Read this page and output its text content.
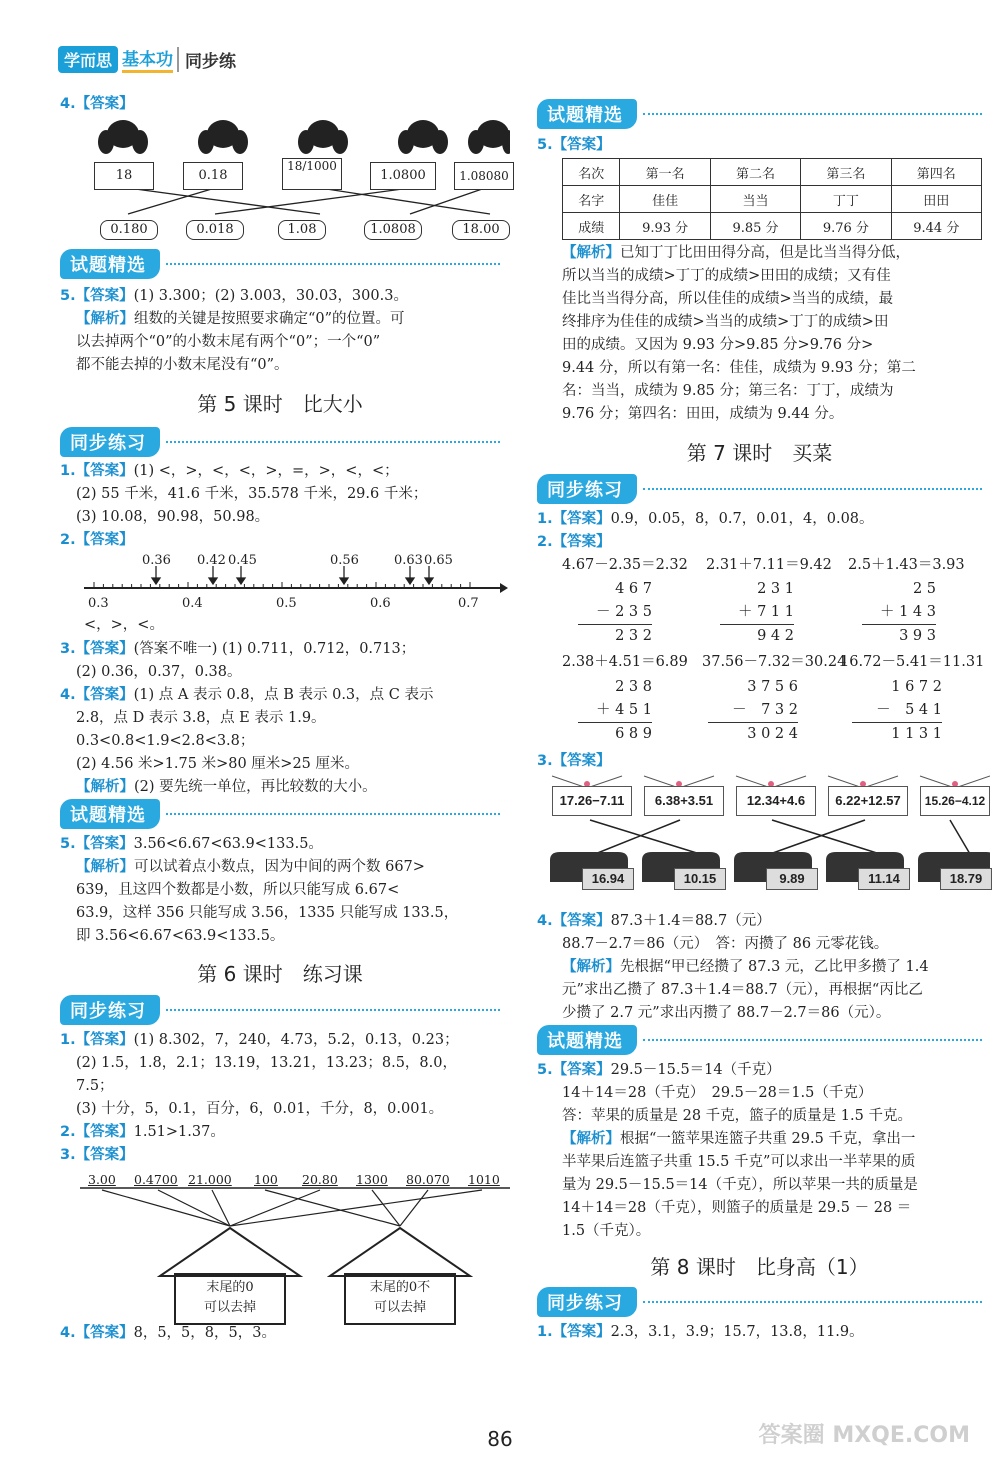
学而思 基本功 同步练
4.【答案】
18	0.18
18/1000
1.0800	1.08080
0.180	0.018	1.08	1.0808	18.00
试题精选
5.【答案】(1) 3.300；(2) 3.003，30.03，300.3。
【解析】组数的关键是按照要求确定“0”的位置。可
以去掉两个“0”的小数末尾有两个“0”；一个“0”
都不能去掉的小数末尾没有“0”。
第 5 课时　比大小
同步练习
1.【答案】(1) <，>，<，<，>，=，>，<，<；
(2) 55 千米，41.6 千米，35.578 千米，29.6 千米；
(3) 10.08，90.98，50.98。
2.【答案】
0.36 0.42 0.45	0.56	0.63 0.65
0.3	0.4	0.5	0.6	0.7
<，>，<。
3.【答案】(答案不唯一) (1) 0.711，0.712，0.713；
(2) 0.36，0.37，0.38。
4.【答案】(1) 点 A 表示 0.8，点 B 表示 0.3，点 C 表示
2.8，点 D 表示 3.8，点 E 表示 1.9。
0.3<0.8<1.9<2.8<3.8；
(2) 4.56 米>1.75 米>80 厘米>25 厘米。
【解析】(2) 要先统一单位，再比较数的大小。
试题精选
5.【答案】3.56<6.67<63.9<133.5。
【解析】可以试着点小数点，因为中间的两个数 667>
639，且这四个数都是小数，所以只能写成 6.67<
63.9，这样 356 只能写成 3.56，1335 只能写成 133.5，
即 3.56<6.67<63.9<133.5。
第 6 课时　练习课
同步练习
1.【答案】(1) 8.302，7，240，4.73，5.2，0.13，0.23；
(2) 1.5，1.8，2.1；13.19，13.21，13.23；8.5，8.0，
7.5；
(3) 十分，5，0.1，百分，6，0.01，千分，8，0.001。
2.【答案】1.51>1.37。
3.【答案】
3.00 0.4700 21.000 100 20.80 1300 80.070 1010
末尾的0
可以去掉
末尾的0不
可以去掉
4.【答案】8，5，5，8，5，3。
试题精选
5.【答案】
名次	第一名	第二名	第三名	第四名
名字	佳佳	当当	丁丁	田田
成绩	9.93 分	9.85 分	9.76 分	9.44 分
【解析】已知丁丁比田田得分高，但是比当当得分低，
所以当当的成绩>丁丁的成绩>田田的成绩；又有佳
佳比当当得分高，所以佳佳的成绩>当当的成绩，最
终排序为佳佳的成绩>当当的成绩>丁丁的成绩>田
田的成绩。又因为 9.93 分>9.85 分>9.76 分>
9.44 分，所以有第一名：佳佳，成绩为 9.93 分；第二
名：当当，成绩为 9.85 分；第三名：丁丁，成绩为
9.76 分；第四名：田田，成绩为 9.44 分。
第 7 课时　买菜
同步练习
1.【答案】0.9，0.05，8，0.7，0.01，4，0.08。
2.【答案】
4.67－2.35＝2.32 2.31＋7.11＝9.42 2.5＋1.43＝3.93
4 6 7
－ 2 3 5
2 3 2
2 3 1
＋ 7 1 1
9 4 2
2 5
＋ 1 4 3
3 9 3
2.38＋4.51＝6.89 37.56－7.32＝30.24
16.72－5.41＝11.31
2 3 8
＋ 4 5 1
6 8 9
3 7 5 6
－　7 3 2
3 0 2 4
1 6 7 2
－　5 4 1
1 1 3 1
3.【答案】
17.26−7.11	6.38+3.51	12.34+4.6	6.22+12.57	15.26−4.12
16.94	10.15	9.89	11.14	18.79
4.【答案】87.3＋1.4＝88.7（元）
88.7－2.7＝86（元）　答：丙攒了 86 元零花钱。
【解析】先根据“甲已经攒了 87.3 元，乙比甲多攒了 1.4
元”求出乙攒了 87.3＋1.4＝88.7（元），再根据“丙比乙
少攒了 2.7 元”求出丙攒了 88.7－2.7＝86（元）。
试题精选
5.【答案】29.5－15.5＝14（千克）
14＋14＝28（千克）　29.5－28＝1.5（千克）
答：苹果的质量是 28 千克，篮子的质量是 1.5 千克。
【解析】根据“一篮苹果连篮子共重 29.5 千克，拿出一
半苹果后连篮子共重 15.5 千克”可以求出一半苹果的质
量为 29.5－15.5＝14（千克），所以苹果一共的质量是
14＋14＝28（千克），则篮子的质量是 29.5 － 28 ＝
1.5（千克）。
第 8 课时　比身高（1）
同步练习
1.【答案】2.3，3.1，3.9；15.7，13.8，11.9。
86	答案圈 MXQE.COM
